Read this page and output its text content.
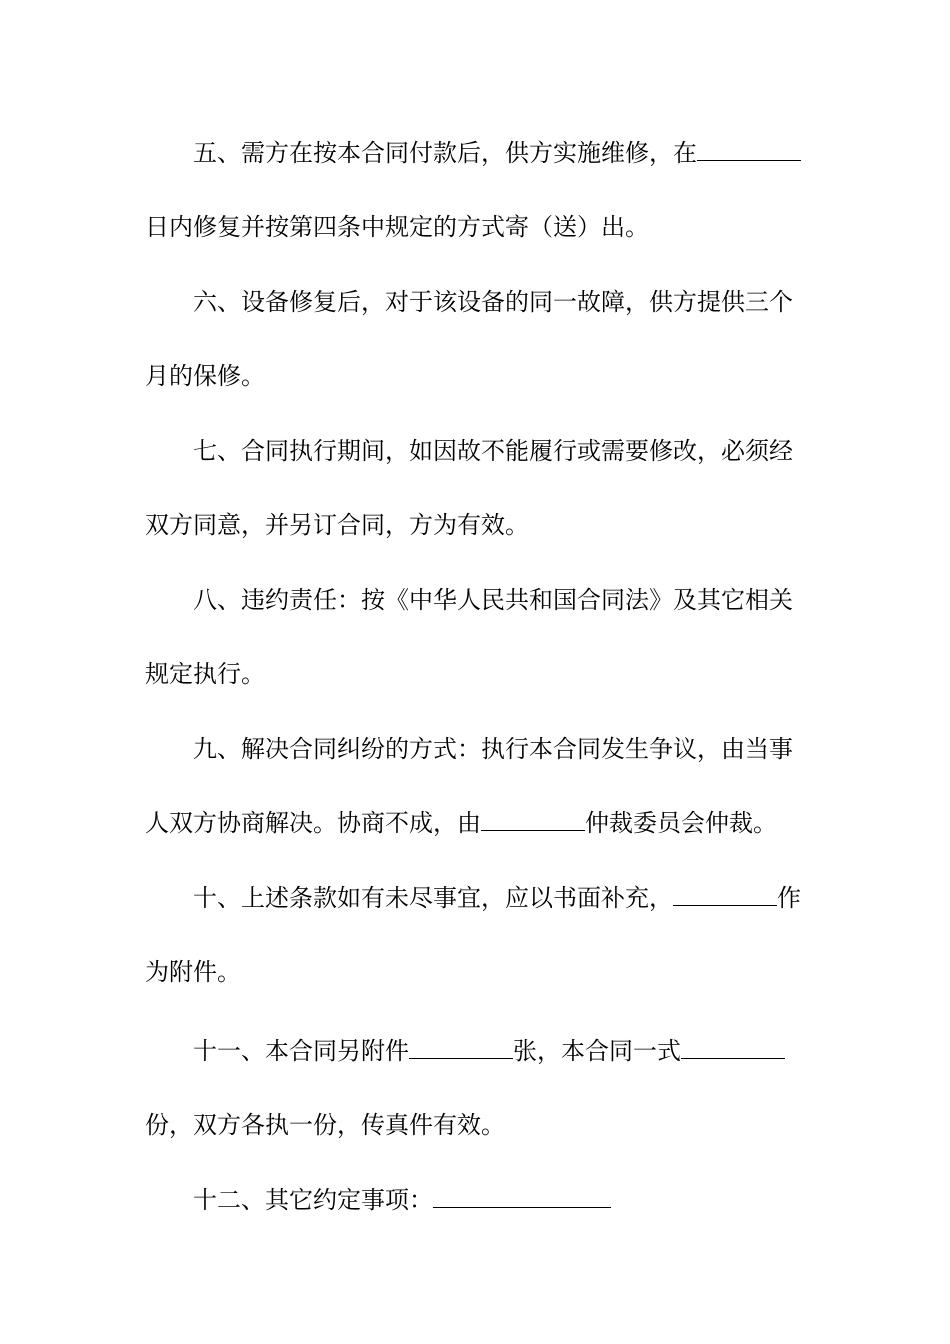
五、需方在按本合同付款后，供方实施维修，在
日内修复并按第四条中规定的方式寄（送）出。
六、设备修复后，对于该设备的同一故障，供方提供三个
月的保修。
七、合同执行期间，如因故不能履行或需要修改，必须经
双方同意，并另订合同，方为有效。
八、违约责任：按《中华人民共和国合同法》及其它相关
规定执行。
九、解决合同纠纷的方式：执行本合同发生争议，由当事
人双方协商解决。协商不成，由	仲裁委员会仲裁。
十、上述条款如有未尽事宜，应以书面补充，	作
为附件。
十一、本合同另附件	张，本合同一式
份，双方各执一份，传真件有效。
十二、其它约定事项：
